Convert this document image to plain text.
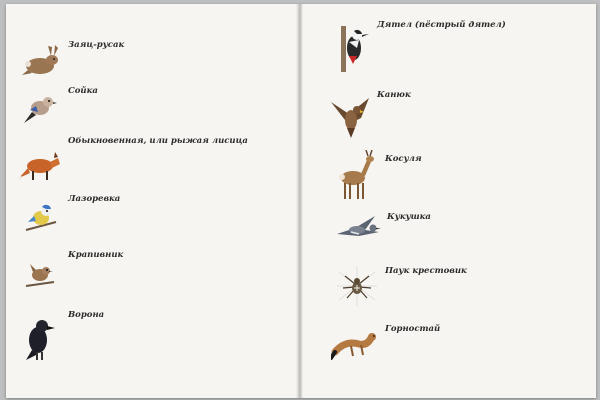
Заяц-русак
Сойка
Обыкновенная, или рыжая лисица
Лазоревка
Крапивник
Ворона
Дятел (пёстрый дятел)
Канюк
Косуля
Кукушка
Паук крестовик
Горностай
